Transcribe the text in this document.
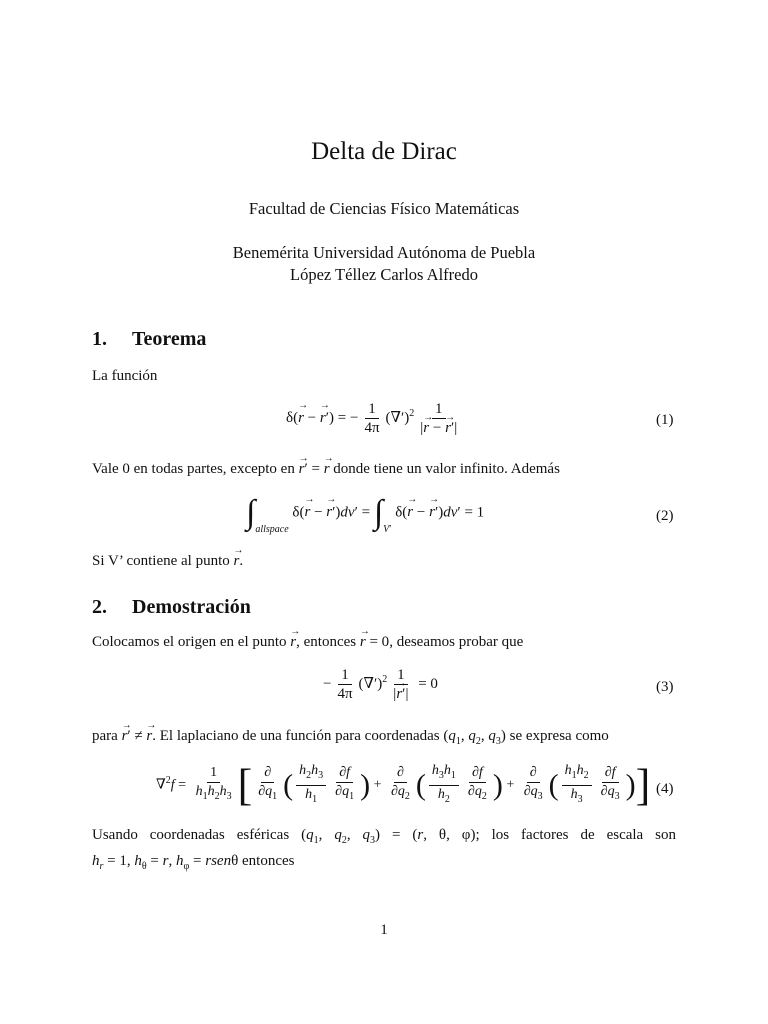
Delta de Dirac
Facultad de Ciencias Físico Matemáticas
Benemérita Universidad Autónoma de Puebla
López Téllez Carlos Alfredo
1. Teorema
La función
δ(→ r − → r′) = − $\frac{1}{4\pi} (\nabla')^2 \frac{1}{|\to r - \to r'|}$	(1)
Vale 0 en todas partes, excepto en → r′ = → r donde tiene un valor infinito. Además
$\int_{allspace}$ δ(→ r − → $r')dv' = \int_{V'}$ δ(→ r − → r′)dv′ = 1	(2)
Si V’ contiene al punto → r.
2. Demostración
Colocamos el origen en el punto → r, entonces → r = 0, deseamos probar que
− $\frac{1}{4\pi} (\nabla')^2 \frac{1}{|\to r'|} = 0$	(3)
para → r′ ≠ → r. El laplaciano de una función para coordenadas ($q_1$, $q_2$, $q_3$) se expresa como
$\nabla^2f = \frac{1}{h_1h_2h_3}$ [ $\frac{\partial}{\partial q_1}$ ( $\frac{h_2h_3}{h_1} \frac{\partial f}{\partial q_1}$ ) + $\frac{\partial}{\partial q_2}$ ( $\frac{h_3h_1}{h_2} \frac{\partial f}{\partial q_2}$ ) + $\frac{\partial}{\partial q_3}$ ( $\frac{h_1h_2}{h_3} \frac{\partial f}{\partial q_3}$ )] (4)
Usando coordenadas esféricas ($q_1$, $q_2$, $q_3) = (r$, θ, φ); los factores de escala son $h_r = 1$, $h_\theta = r$, $h_\varphi$ = rsenθ entonces
1
